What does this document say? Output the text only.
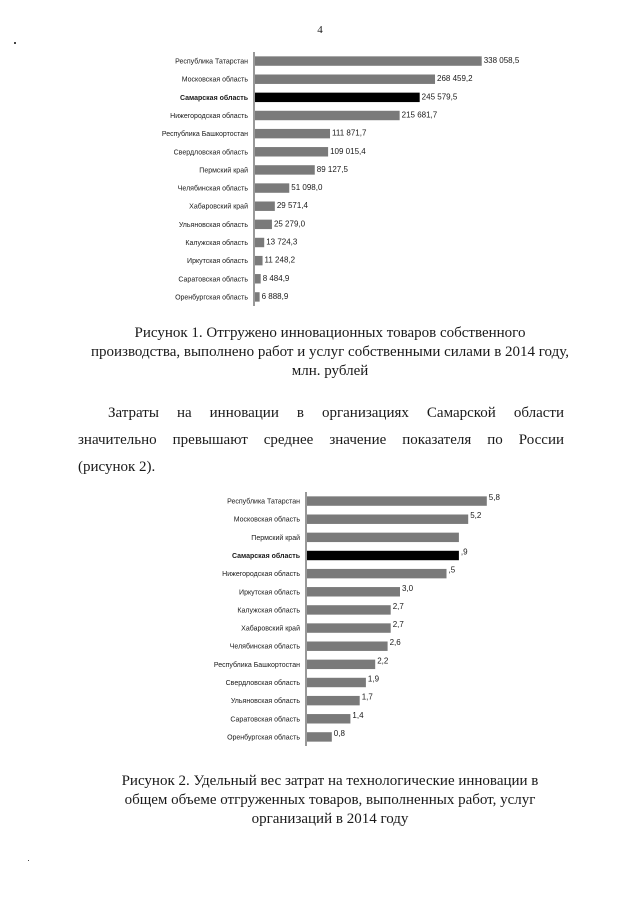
4
Республика Татарстан	338 058,5
Московская область	268 459,2
Самарская область	245 579,5
Нижегородская область	215 681,7
Республика Башкортостан	111 871,7
Свердловская область	109 015,4
Пермский край	89 127,5
Челябинская область	51 098,0
Хабаровский край	29 571,4
Ульяновская область	25 279,0
Калужская область 13 724,3
Иркутская область 11 248,2
Саратовская область 8 484,9
Оренбургская область 6 888,9
Рисунок 1. Отгружено инновационных товаров собственного
производства, выполнено работ и услуг собственными силами в 2014 году,
млн. рублей
Затраты на инновации в организациях Самарской области
значительно превышают среднее значение показателя по России
(рисунок 2).
Республика Татарстан	5,8
Московская область	5,2
Пермский край
Самарская область	,9
Нижегородская область	,5
Иркутская область	3,0
Калужская область	2,7
Хабаровский край	2,7
Челябинская область	2,6
Республика Башкортостан	2,2
Свердловская область	1,9
Ульяновская область	1,7
Саратовская область	1,4
Оренбургская область	0,8
Рисунок 2. Удельный вес затрат на технологические инновации в
общем объеме отгруженных товаров, выполненных работ, услуг
организаций в 2014 году
